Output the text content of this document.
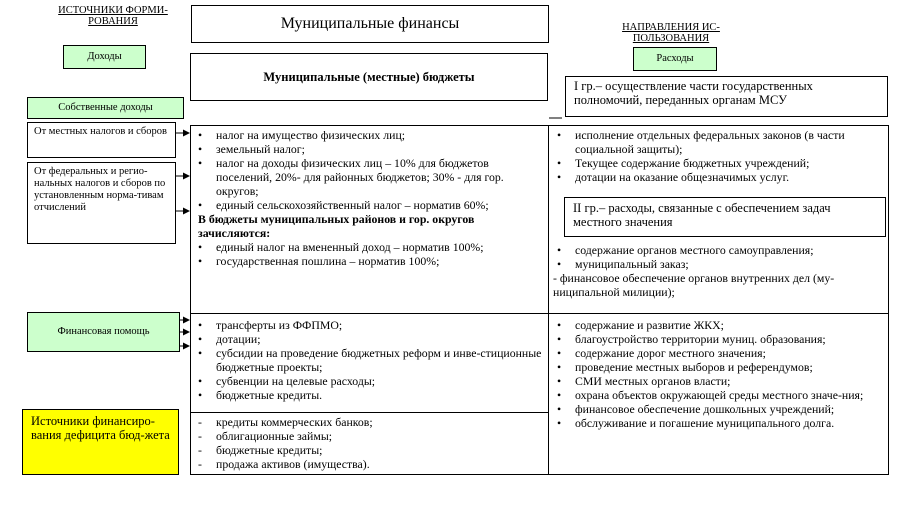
ИСТОЧНИКИ ФОРМИ-РОВАНИЯ	Муниципальные финансы	НАПРАВЛЕНИЯ ИС-ПОЛЬЗОВАНИЯ
Доходы	Расходы
Муниципальные (местные) бюджеты
I гр.– осуществление части государственных полномочий, переданных органам МСУ
Собственные доходы
От местных налогов и сборов
От федеральных и регио-нальных налогов и сборов по установленным норма-тивам отчислений
Финансовая помощь
Источники финансиро-вания дефицита бюд-жета
• налог на имущество физических лиц;
• земельный налог;
• налог на доходы физических лиц – 10% для бюджетов поселений, 20%- для районных бюджетов; 30% - для гор. округов;
• единый сельскохозяйственный налог – норматив 60%;
В бюджеты муниципальных районов и гор. округов зачисляются:
• единый налог на вмененный доход – норматив 100%;
• государственная пошлина – норматив 100%;
• трансферты из ФФПМО;
• дотации;
• субсидии на проведение бюджетных реформ и инве-стиционные бюджетные проекты;
• субвенции на целевые расходы;
• бюджетные кредиты.
- кредиты коммерческих банков;
- облигационные займы;
- бюджетные кредиты;
- продажа активов (имущества).
• исполнение отдельных федеральных законов (в части социальной защиты);
• Текущее содержание бюджетных учреждений;
• дотации на оказание общезначимых услуг.
II гр.– расходы, связанные с обеспечением задач местного значения
• содержание органов местного самоуправления;
• муниципальный заказ;
- финансовое обеспечение органов внутренних дел (му-ниципальной милиции);
• содержание и развитие ЖКХ;
• благоустройство территории муниц. образования;
• содержание дорог местного значения;
• проведение местных выборов и референдумов;
• СМИ местных органов власти;
• охрана объектов окружающей среды местного значе-ния;
• финансовое обеспечение дошкольных учреждений;
• обслуживание и погашение муниципального долга.
